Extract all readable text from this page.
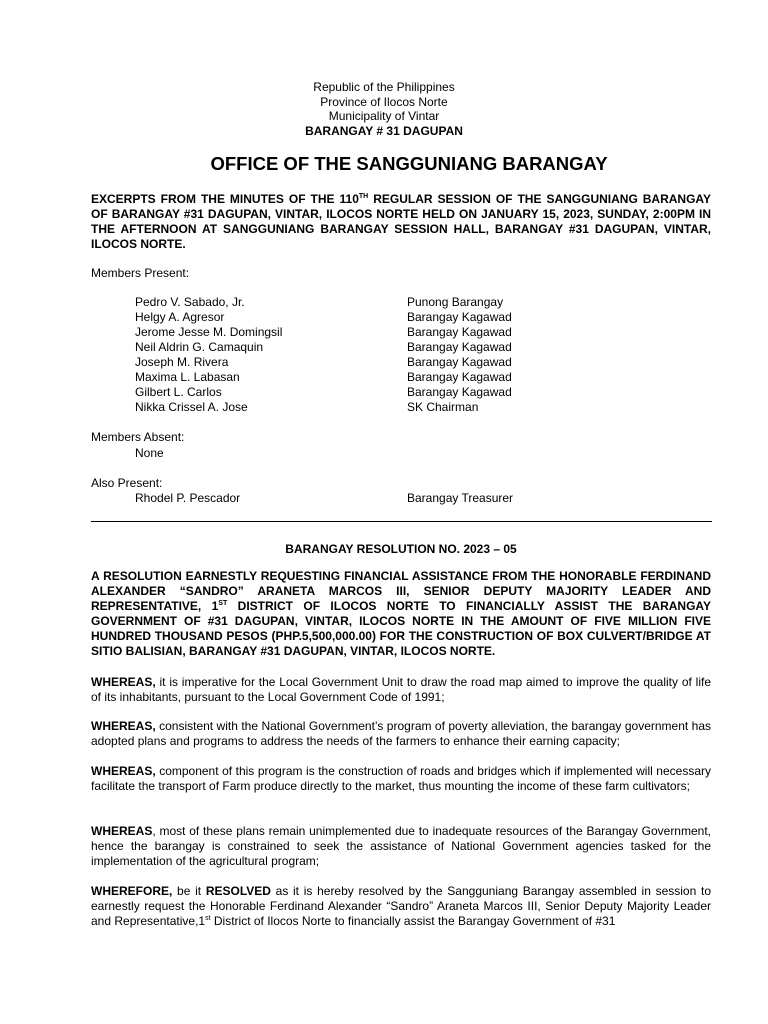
Republic of the Philippines
Province of Ilocos Norte
Municipality of Vintar
BARANGAY # 31 DAGUPAN
OFFICE OF THE SANGGUNIANG BARANGAY
EXCERPTS FROM THE MINUTES OF THE 110TH REGULAR SESSION OF THE SANGGUNIANG BARANGAY OF BARANGAY #31 DAGUPAN, VINTAR, ILOCOS NORTE HELD ON JANUARY 15, 2023, SUNDAY, 2:00PM IN THE AFTERNOON AT SANGGUNIANG BARANGAY SESSION HALL, BARANGAY #31 DAGUPAN, VINTAR, ILOCOS NORTE.
Members Present:
Pedro V. Sabado, Jr.	Punong Barangay
Helgy A. Agresor	Barangay Kagawad
Jerome Jesse M. Domingsil	Barangay Kagawad
Neil Aldrin G. Camaquin	Barangay Kagawad
Joseph M. Rivera	Barangay Kagawad
Maxima L. Labasan	Barangay Kagawad
Gilbert L. Carlos	Barangay Kagawad
Nikka Crissel A. Jose	SK Chairman
Members Absent:
None
Also Present:
Rhodel P. Pescador	Barangay Treasurer
BARANGAY RESOLUTION NO. 2023 – 05
A RESOLUTION EARNESTLY REQUESTING FINANCIAL ASSISTANCE FROM THE HONORABLE FERDINAND ALEXANDER “SANDRO” ARANETA MARCOS III, SENIOR DEPUTY MAJORITY LEADER AND REPRESENTATIVE, 1ST DISTRICT OF ILOCOS NORTE TO FINANCIALLY ASSIST THE BARANGAY GOVERNMENT OF #31 DAGUPAN, VINTAR, ILOCOS NORTE IN THE AMOUNT OF FIVE MILLION FIVE HUNDRED THOUSAND PESOS (PHP.5,500,000.00) FOR THE CONSTRUCTION OF BOX CULVERT/BRIDGE AT SITIO BALISIAN, BARANGAY #31 DAGUPAN, VINTAR, ILOCOS NORTE.
WHEREAS, it is imperative for the Local Government Unit to draw the road map aimed to improve the quality of life of its inhabitants, pursuant to the Local Government Code of 1991;
WHEREAS, consistent with the National Government’s program of poverty alleviation, the barangay government has adopted plans and programs to address the needs of the farmers to enhance their earning capacity;
WHEREAS, component of this program is the construction of roads and bridges which if implemented will necessary facilitate the transport of Farm produce directly to the market, thus mounting the income of these farm cultivators;
WHEREAS, most of these plans remain unimplemented due to inadequate resources of the Barangay Government, hence the barangay is constrained to seek the assistance of National Government agencies tasked for the implementation of the agricultural program;
WHEREFORE, be it RESOLVED as it is hereby resolved by the Sangguniang Barangay assembled in session to earnestly request the Honorable Ferdinand Alexander “Sandro” Araneta Marcos III, Senior Deputy Majority Leader and Representative,1st District of Ilocos Norte to financially assist the Barangay Government of #31
